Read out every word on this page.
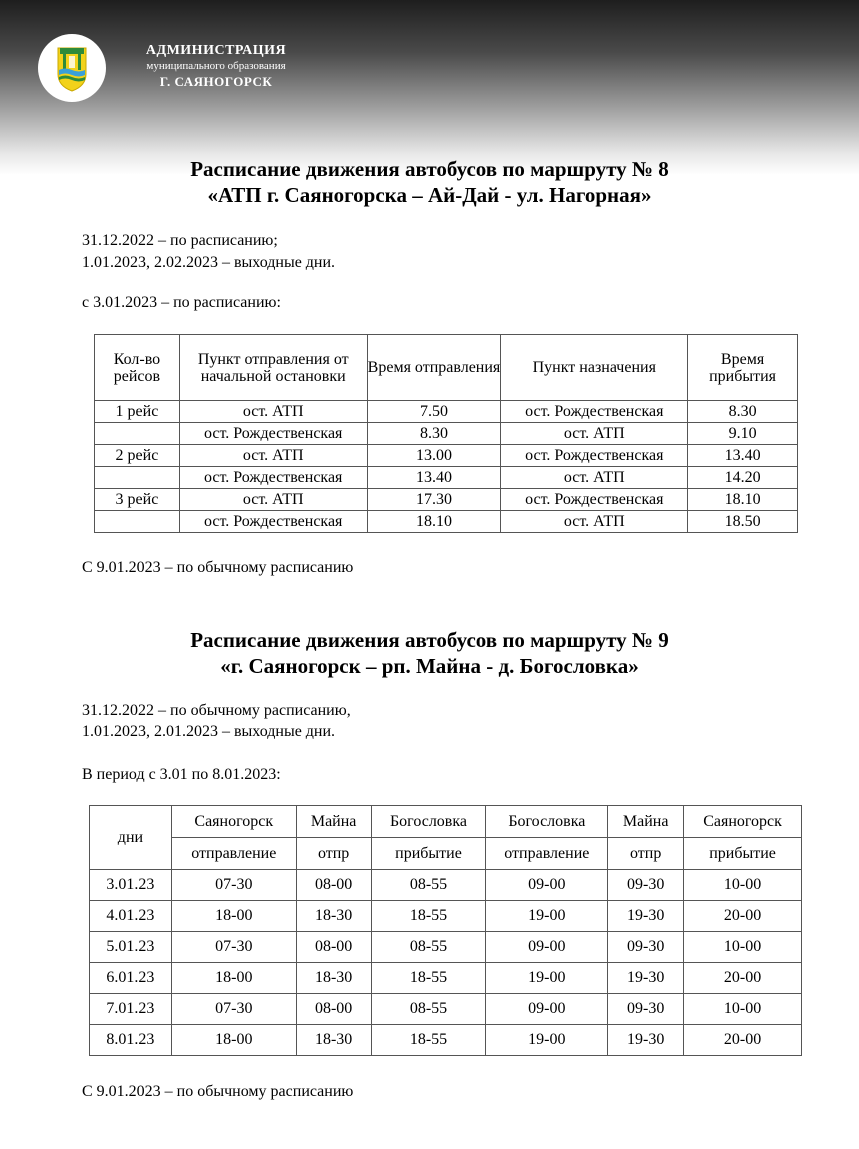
АДМИНИСТРАЦИЯ
муниципального образования
Г. САЯНОГОРСК
Расписание движения автобусов по маршруту № 8
«АТП г. Саяногорска – Ай-Дай - ул. Нагорная»
31.12.2022 – по расписанию;
1.01.2023, 2.02.2023 – выходные дни.
с 3.01.2023 – по расписанию:
Кол-во рейсов	Пункт отправления от начальной остановки	Время отправления	Пункт назначения	Время прибытия
1 рейс	ост. АТП	7.50	ост. Рождественская	8.30
	ост. Рождественская	8.30	ост. АТП	9.10
2 рейс	ост. АТП	13.00	ост. Рождественская	13.40
	ост. Рождественская	13.40	ост. АТП	14.20
3 рейс	ост. АТП	17.30	ост. Рождественская	18.10
	ост. Рождественская	18.10	ост. АТП	18.50
С 9.01.2023 – по обычному расписанию
Расписание движения автобусов по маршруту № 9
«г. Саяногорск – рп. Майна - д. Богословка»
31.12.2022 – по обычному расписанию,
1.01.2023, 2.01.2023 – выходные дни.
В период с 3.01 по 8.01.2023:
дни	Саяногорск	Майна	Богословка	Богословка	Майна	Саяногорск
	отправление	отпр	прибытие	отправление	отпр	прибытие
3.01.23	07-30	08-00	08-55	09-00	09-30	10-00
4.01.23	18-00	18-30	18-55	19-00	19-30	20-00
5.01.23	07-30	08-00	08-55	09-00	09-30	10-00
6.01.23	18-00	18-30	18-55	19-00	19-30	20-00
7.01.23	07-30	08-00	08-55	09-00	09-30	10-00
8.01.23	18-00	18-30	18-55	19-00	19-30	20-00
С 9.01.2023 – по обычному расписанию
